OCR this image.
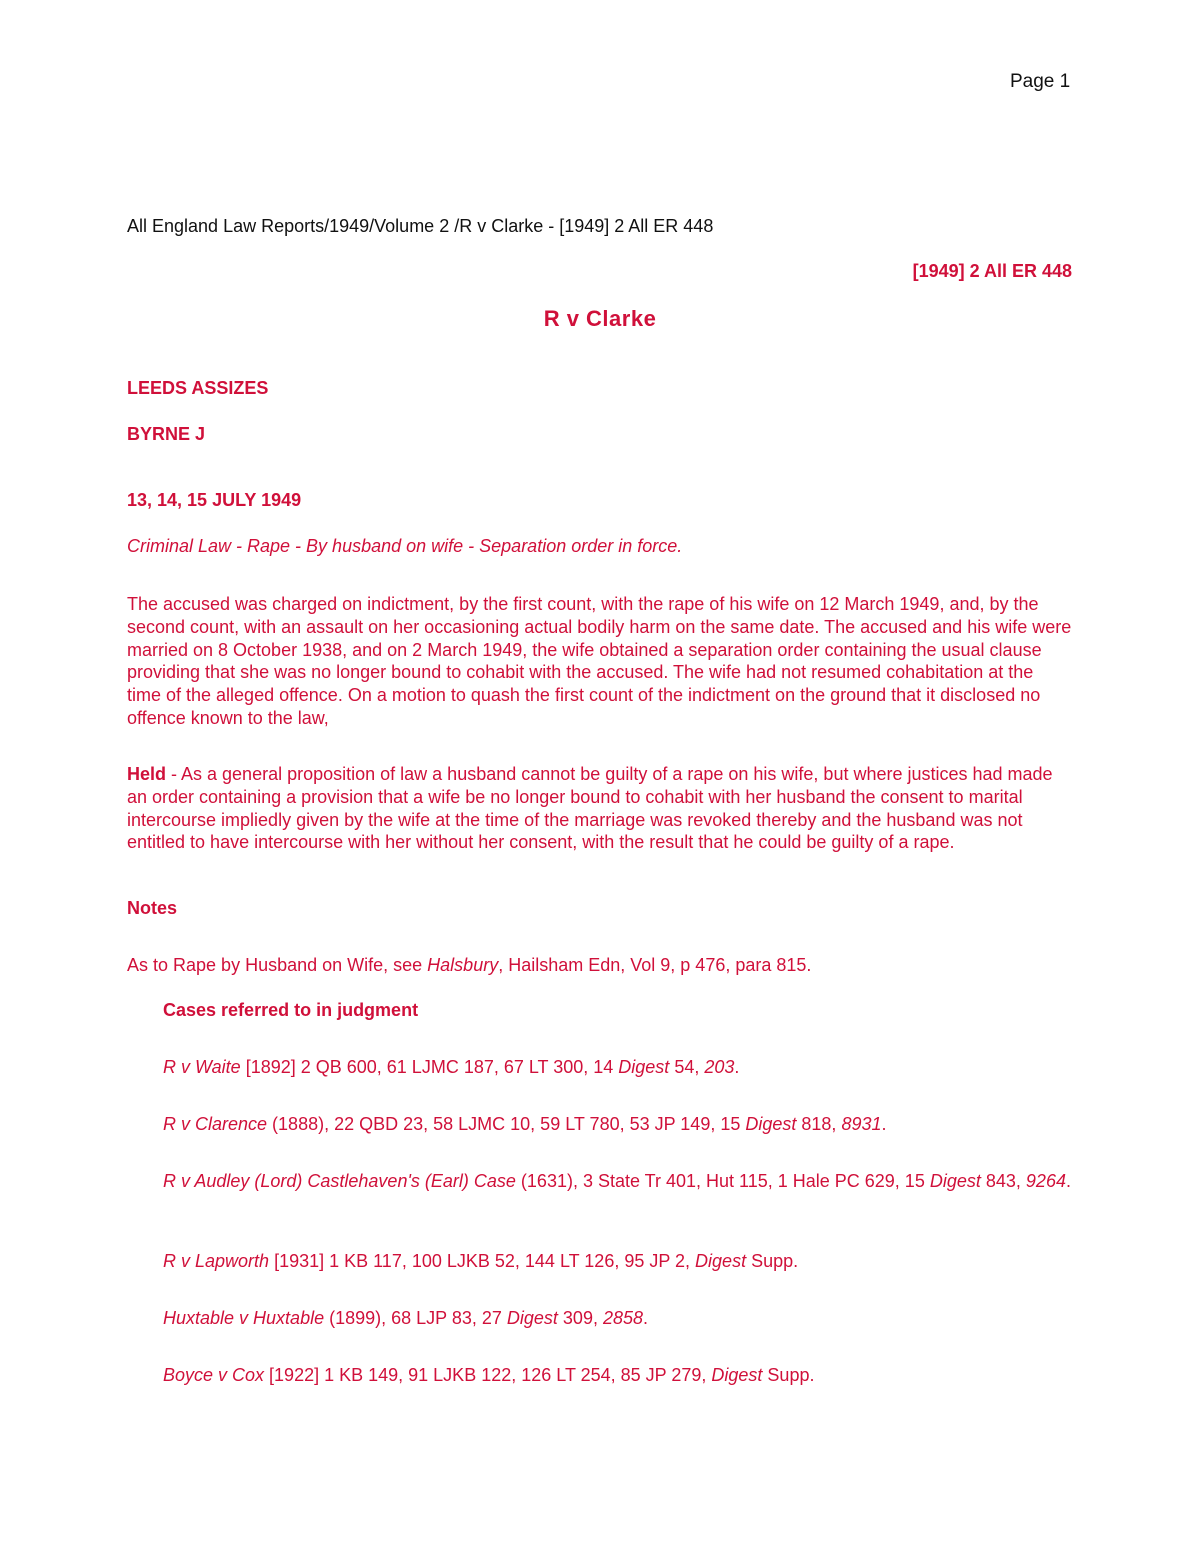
Page 1
All England Law Reports/1949/Volume 2 /R v Clarke - [1949] 2 All ER 448
[1949] 2 All ER 448
R v Clarke
LEEDS ASSIZES
BYRNE J
13, 14, 15 JULY 1949
Criminal Law - Rape - By husband on wife - Separation order in force.

The accused was charged on indictment, by the first count, with the rape of his wife on 12 March 1949, and, by the second count, with an assault on her occasioning actual bodily harm on the same date. The accused and his wife were married on 8 October 1938, and on 2 March 1949, the wife obtained a separation order containing the usual clause providing that she was no longer bound to cohabit with the accused. The wife had not resumed cohabitation at the time of the alleged offence. On a motion to quash the first count of the indictment on the ground that it disclosed no offence known to the law,

Held - As a general proposition of law a husband cannot be guilty of a rape on his wife, but where justices had made an order containing a provision that a wife be no longer bound to cohabit with her husband the consent to marital intercourse impliedly given by the wife at the time of the marriage was revoked thereby and the husband was not entitled to have intercourse with her without her consent, with the result that he could be guilty of a rape.

Notes
As to Rape by Husband on Wife, see Halsbury, Hailsham Edn, Vol 9, p 476, para 815.
Cases referred to in judgment
R v Waite [1892] 2 QB 600, 61 LJMC 187, 67 LT 300, 14 Digest 54, 203.
R v Clarence (1888), 22 QBD 23, 58 LJMC 10, 59 LT 780, 53 JP 149, 15 Digest 818, 8931.
R v Audley (Lord) Castlehaven's (Earl) Case (1631), 3 State Tr 401, Hut 115, 1 Hale PC 629, 15 Digest 843, 9264.
R v Lapworth [1931] 1 KB 117, 100 LJKB 52, 144 LT 126, 95 JP 2, Digest Supp.
Huxtable v Huxtable (1899), 68 LJP 83, 27 Digest 309, 2858.
Boyce v Cox [1922] 1 KB 149, 91 LJKB 122, 126 LT 254, 85 JP 279, Digest Supp.
